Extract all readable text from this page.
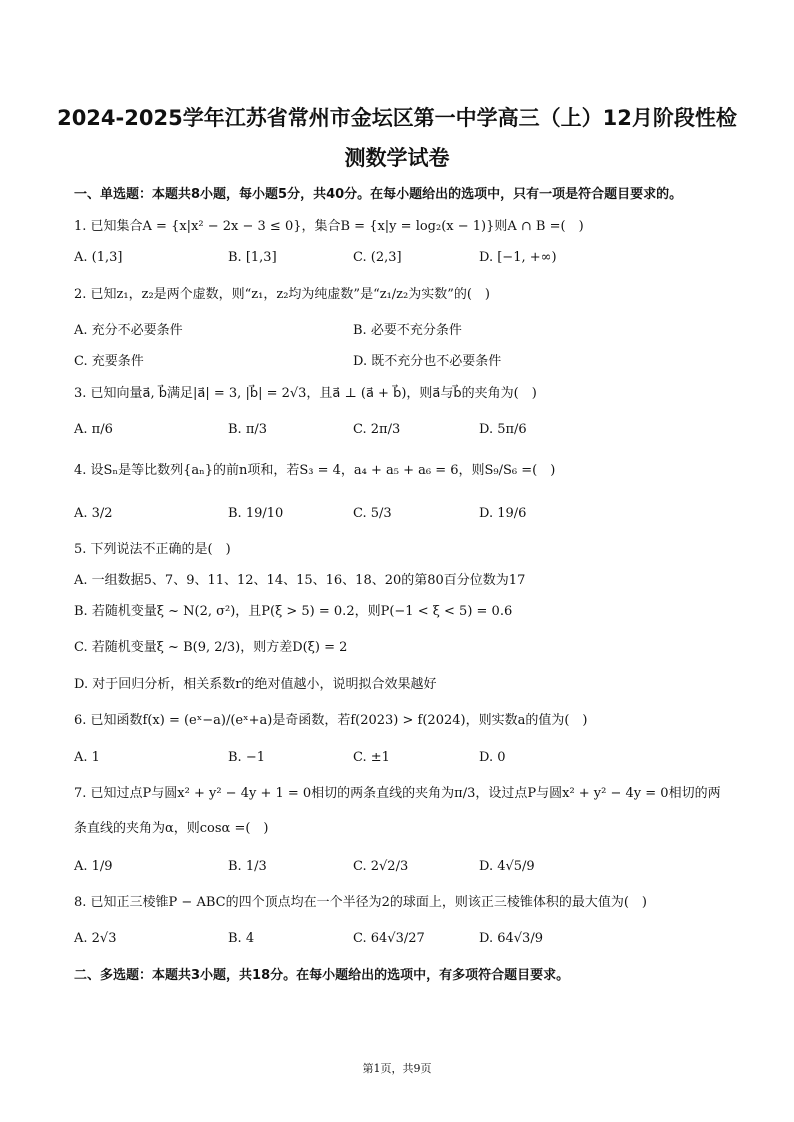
2024-2025学年江苏省常州市金坛区第一中学高三（上）12月阶段性检
测数学试卷
一、单选题：本题共8小题，每小题5分，共40分。在每小题给出的选项中，只有一项是符合题目要求的。
1. 已知集合A = {x|x² − 2x − 3 ≤ 0}，集合B = {x|y = log₂(x − 1)}则A ∩ B =(　)
A. (1,3]	B. [1,3]	C. (2,3]	D. [−1, +∞)
2. 已知z₁，z₂是两个虚数，则“z₁，z₂均为纯虚数”是“z₁/z₂为实数”的(　)
A. 充分不必要条件	B. 必要不充分条件
C. 充要条件	D. 既不充分也不必要条件
3. 已知向量a⃗, b⃗满足|a⃗| = 3, |b⃗| = 2√3，且a⃗ ⊥ (a⃗ + b⃗)，则a⃗与b⃗的夹角为(　)
A. π/6	B. π/3	C. 2π/3	D. 5π/6
4. 设Sₙ是等比数列{aₙ}的前n项和，若S₃ = 4，a₄ + a₅ + a₆ = 6，则S₉/S₆ =(　)
A. 3/2	B. 19/10	C. 5/3	D. 19/6
5. 下列说法不正确的是(　)
A. 一组数据5、7、9、11、12、14、15、16、18、20的第80百分位数为17
B. 若随机变量ξ ~ N(2, σ²)，且P(ξ > 5) = 0.2，则P(−1 < ξ < 5) = 0.6
C. 若随机变量ξ ~ B(9, 2/3)，则方差D(ξ) = 2
D. 对于回归分析，相关系数r的绝对值越小，说明拟合效果越好
6. 已知函数f(x) = (eˣ−a)/(eˣ+a)是奇函数，若f(2023) > f(2024)，则实数a的值为(　)
A. 1	B. −1	C. ±1	D. 0
7. 已知过点P与圆x² + y² − 4y + 1 = 0相切的两条直线的夹角为π/3，设过点P与圆x² + y² − 4y = 0相切的两
条直线的夹角为α，则cosα =(　)
A. 1/9	B. 1/3	C. 2√2/3	D. 4√5/9
8. 已知正三棱锥P − ABC的四个顶点均在一个半径为2的球面上，则该正三棱锥体积的最大值为(　)
A. 2√3	B. 4	C. 64√3/27	D. 64√3/9
二、多选题：本题共3小题，共18分。在每小题给出的选项中，有多项符合题目要求。
第1页，共9页
